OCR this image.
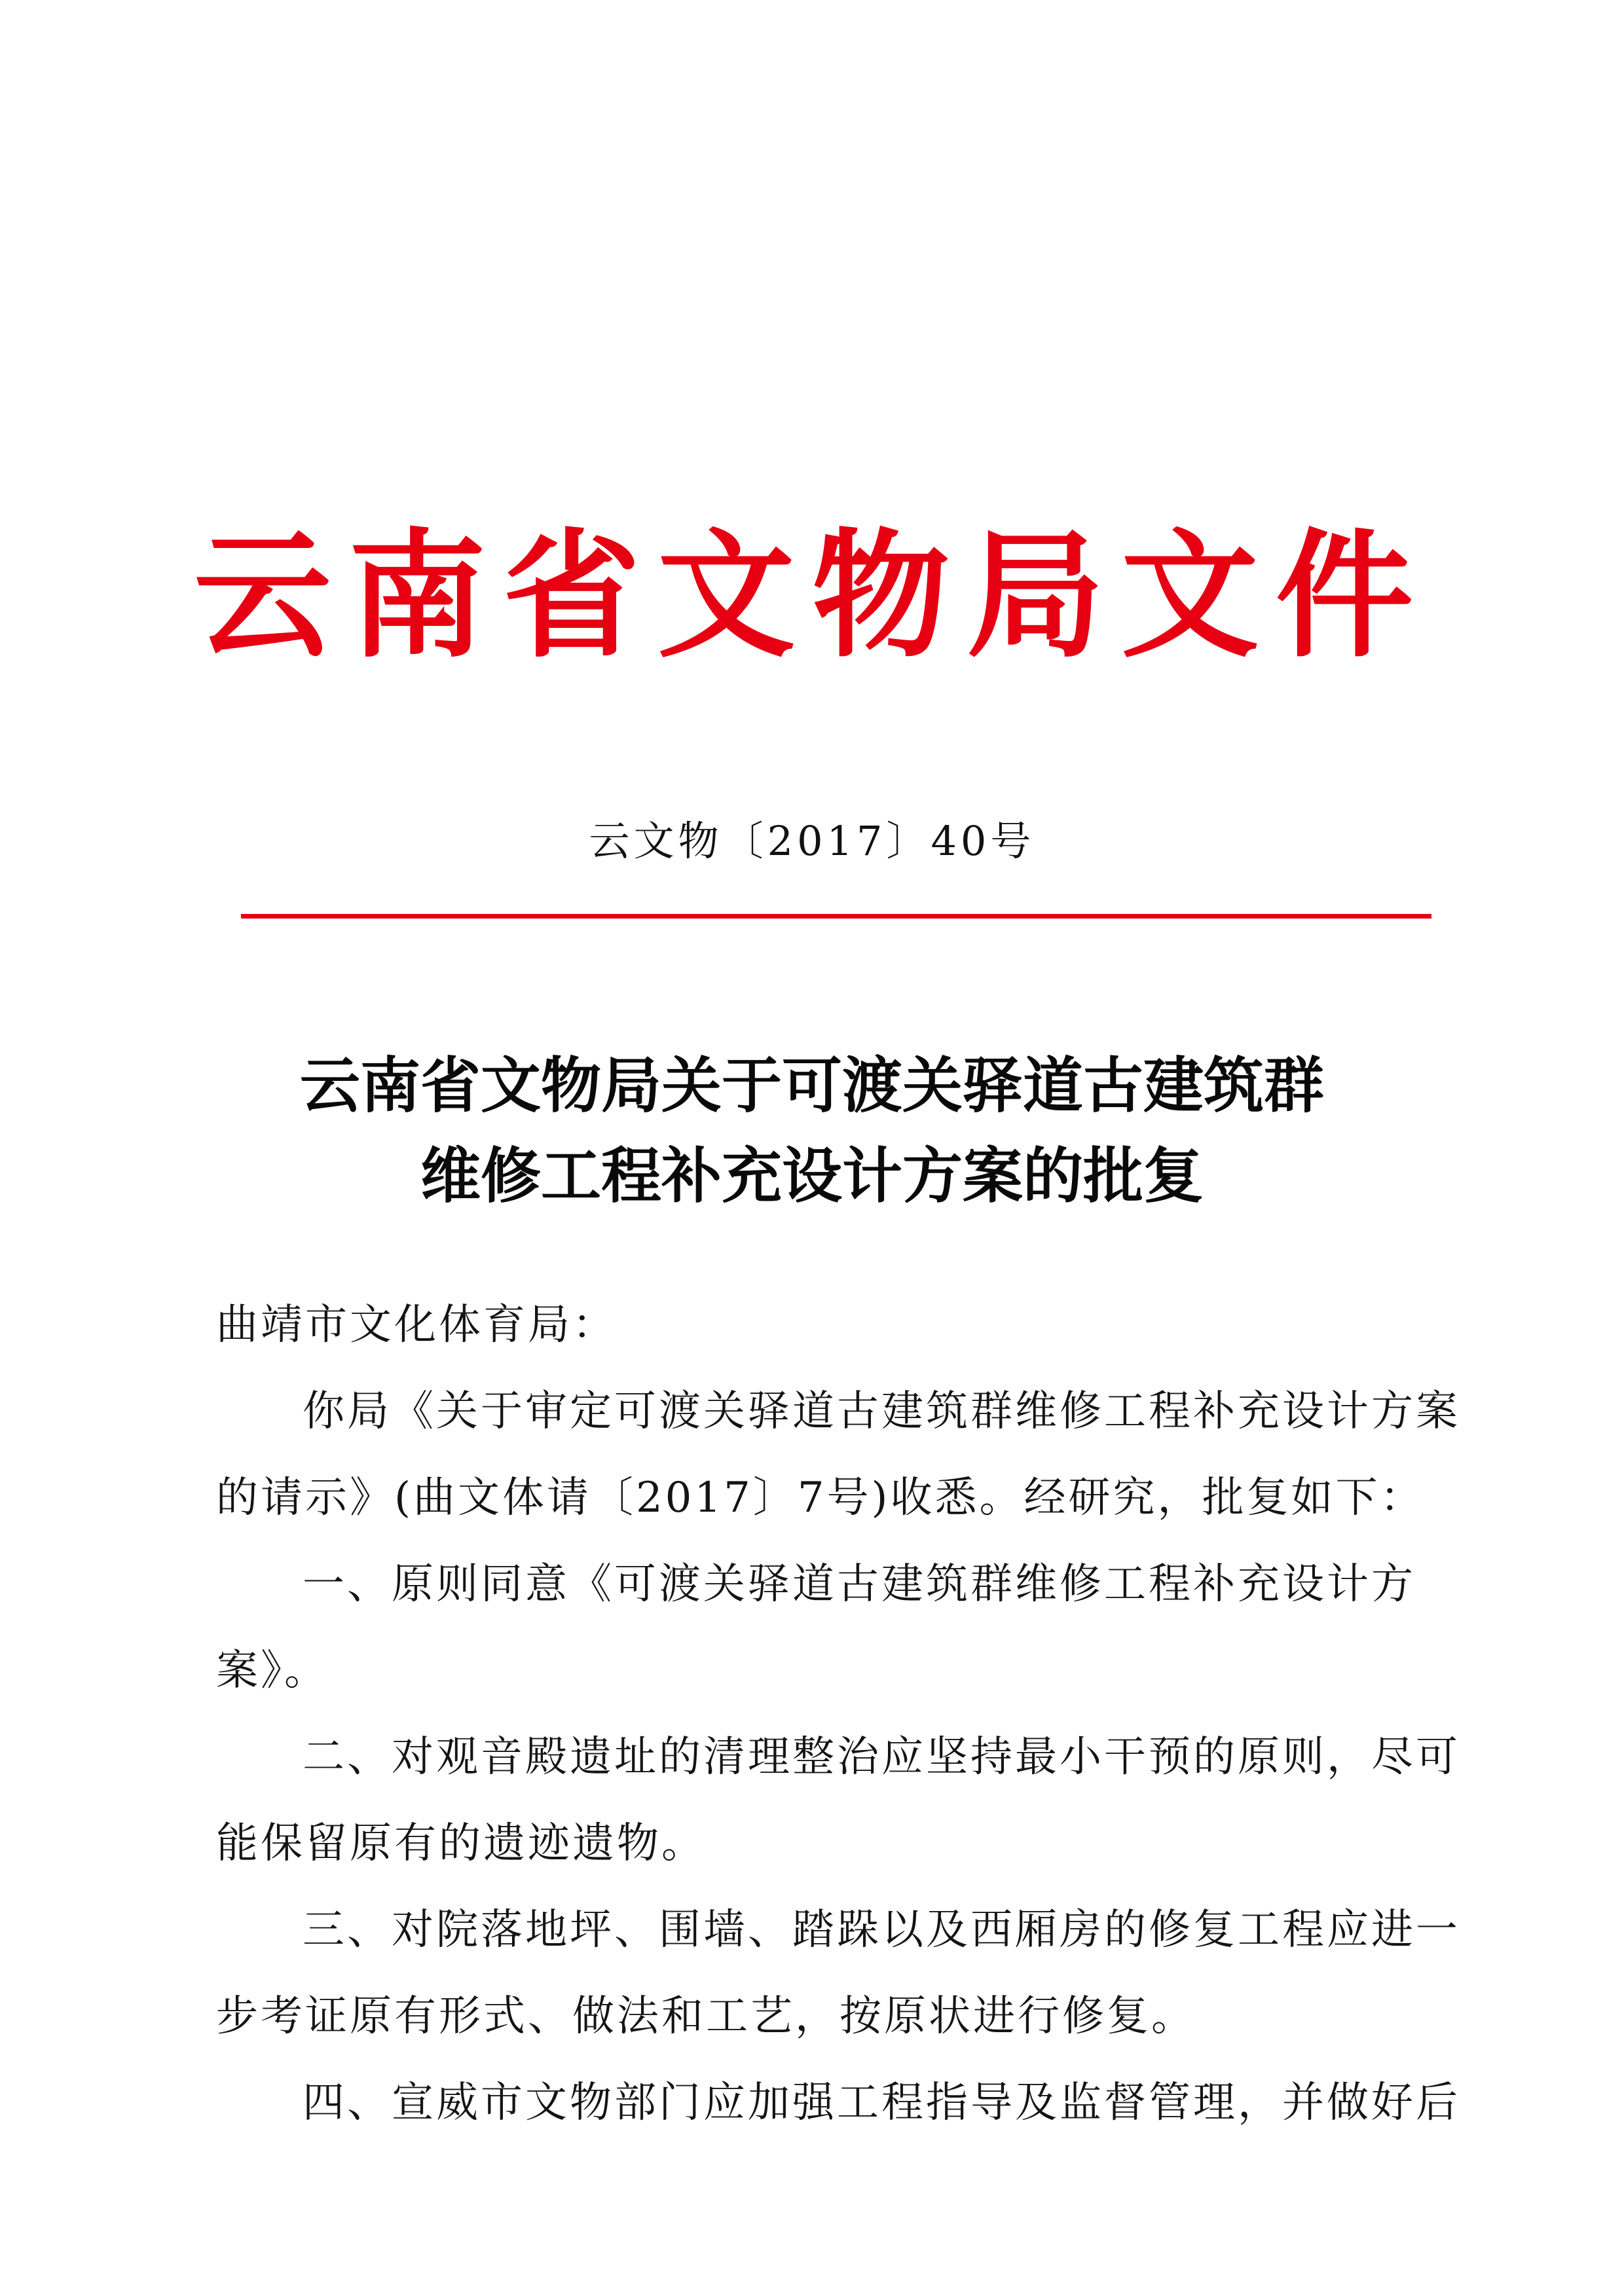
云南省文物局文件
云文物〔2017〕40号
云南省文物局关于可渡关驿道古建筑群
维修工程补充设计方案的批复

曲靖市文化体育局：

你局《关于审定可渡关驿道古建筑群维修工程补充设计方案

的请示》(曲文体请〔2017〕7号)收悉。经研究，批复如下：

一、原则同意《可渡关驿道古建筑群维修工程补充设计方案》。

二、对观音殿遗址的清理整治应坚持最小干预的原则，尽可

能保留原有的遗迹遗物。

三、对院落地坪、围墙、踏跺以及西厢房的修复工程应进一

步考证原有形式、做法和工艺，按原状进行修复。

四、宣威市文物部门应加强工程指导及监督管理，并做好后
